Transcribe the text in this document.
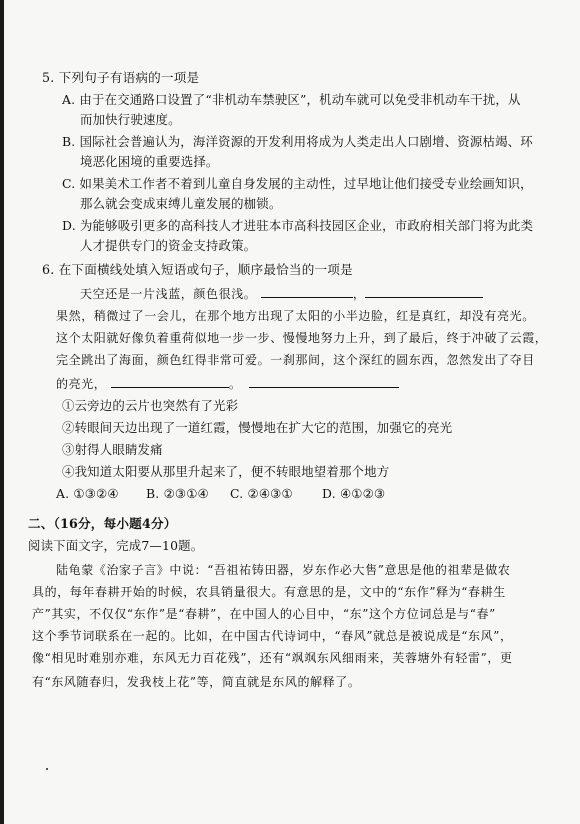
5. 下列句子有语病的一项是
A. 由于在交通路口设置了“非机动车禁驶区”，机动车就可以免受非机动车干扰，从
而加快行驶速度。
B. 国际社会普遍认为，海洋资源的开发利用将成为人类走出人口剧增、资源枯竭、环
境恶化困境的重要选择。
C. 如果美术工作者不着到儿童自身发展的主动性，过早地让他们接受专业绘画知识，
那么就会变成束缚儿童发展的枷锁。
D. 为能够吸引更多的高科技人才进驻本市高科技园区企业，市政府相关部门将为此类
人才提供专门的资金支持政策。
6. 在下面横线处填入短语或句子，顺序最恰当的一项是
天空还是一片浅蓝，颜色很浅。	，
果然，稍微过了一会儿，在那个地方出现了太阳的小半边脸，红是真红，却没有亮光。
这个太阳就好像负着重荷似地一步一步、慢慢地努力上升，到了最后，终于冲破了云霞，
完全跳出了海面，颜色红得非常可爱。一刹那间，这个深红的圆东西，忽然发出了夺目
的亮光，	。
①云旁边的云片也突然有了光彩
②转眼间天边出现了一道红霞，慢慢地在扩大它的范围，加强它的亮光
③射得人眼睛发痛
④我知道太阳要从那里升起来了，便不转眼地望着那个地方
A. ①③②④ B. ②③①④ C. ②④③① D. ④①②③
二、（16分，每小题4分）
阅读下面文字，完成7—10题。
陆龟蒙《治家子言》中说：“吾祖祐铸田器，岁东作必大售”意思是他的祖辈是做农
具的，每年春耕开始的时候，农具销量很大。有意思的是，文中的“东作”释为“春耕生
产”其实，不仅仅“东作”是“春耕”，在中国人的心目中，“东”这个方位词总是与“春”
这个季节词联系在一起的。比如，在中国古代诗词中，“春风”就总是被说成是“东风”，
像“相见时难别亦难，东风无力百花残”，还有“飒飒东风细雨来，芙蓉塘外有轻雷”，更
有“东风随春归，发我枝上花”等，简直就是东风的解释了。
